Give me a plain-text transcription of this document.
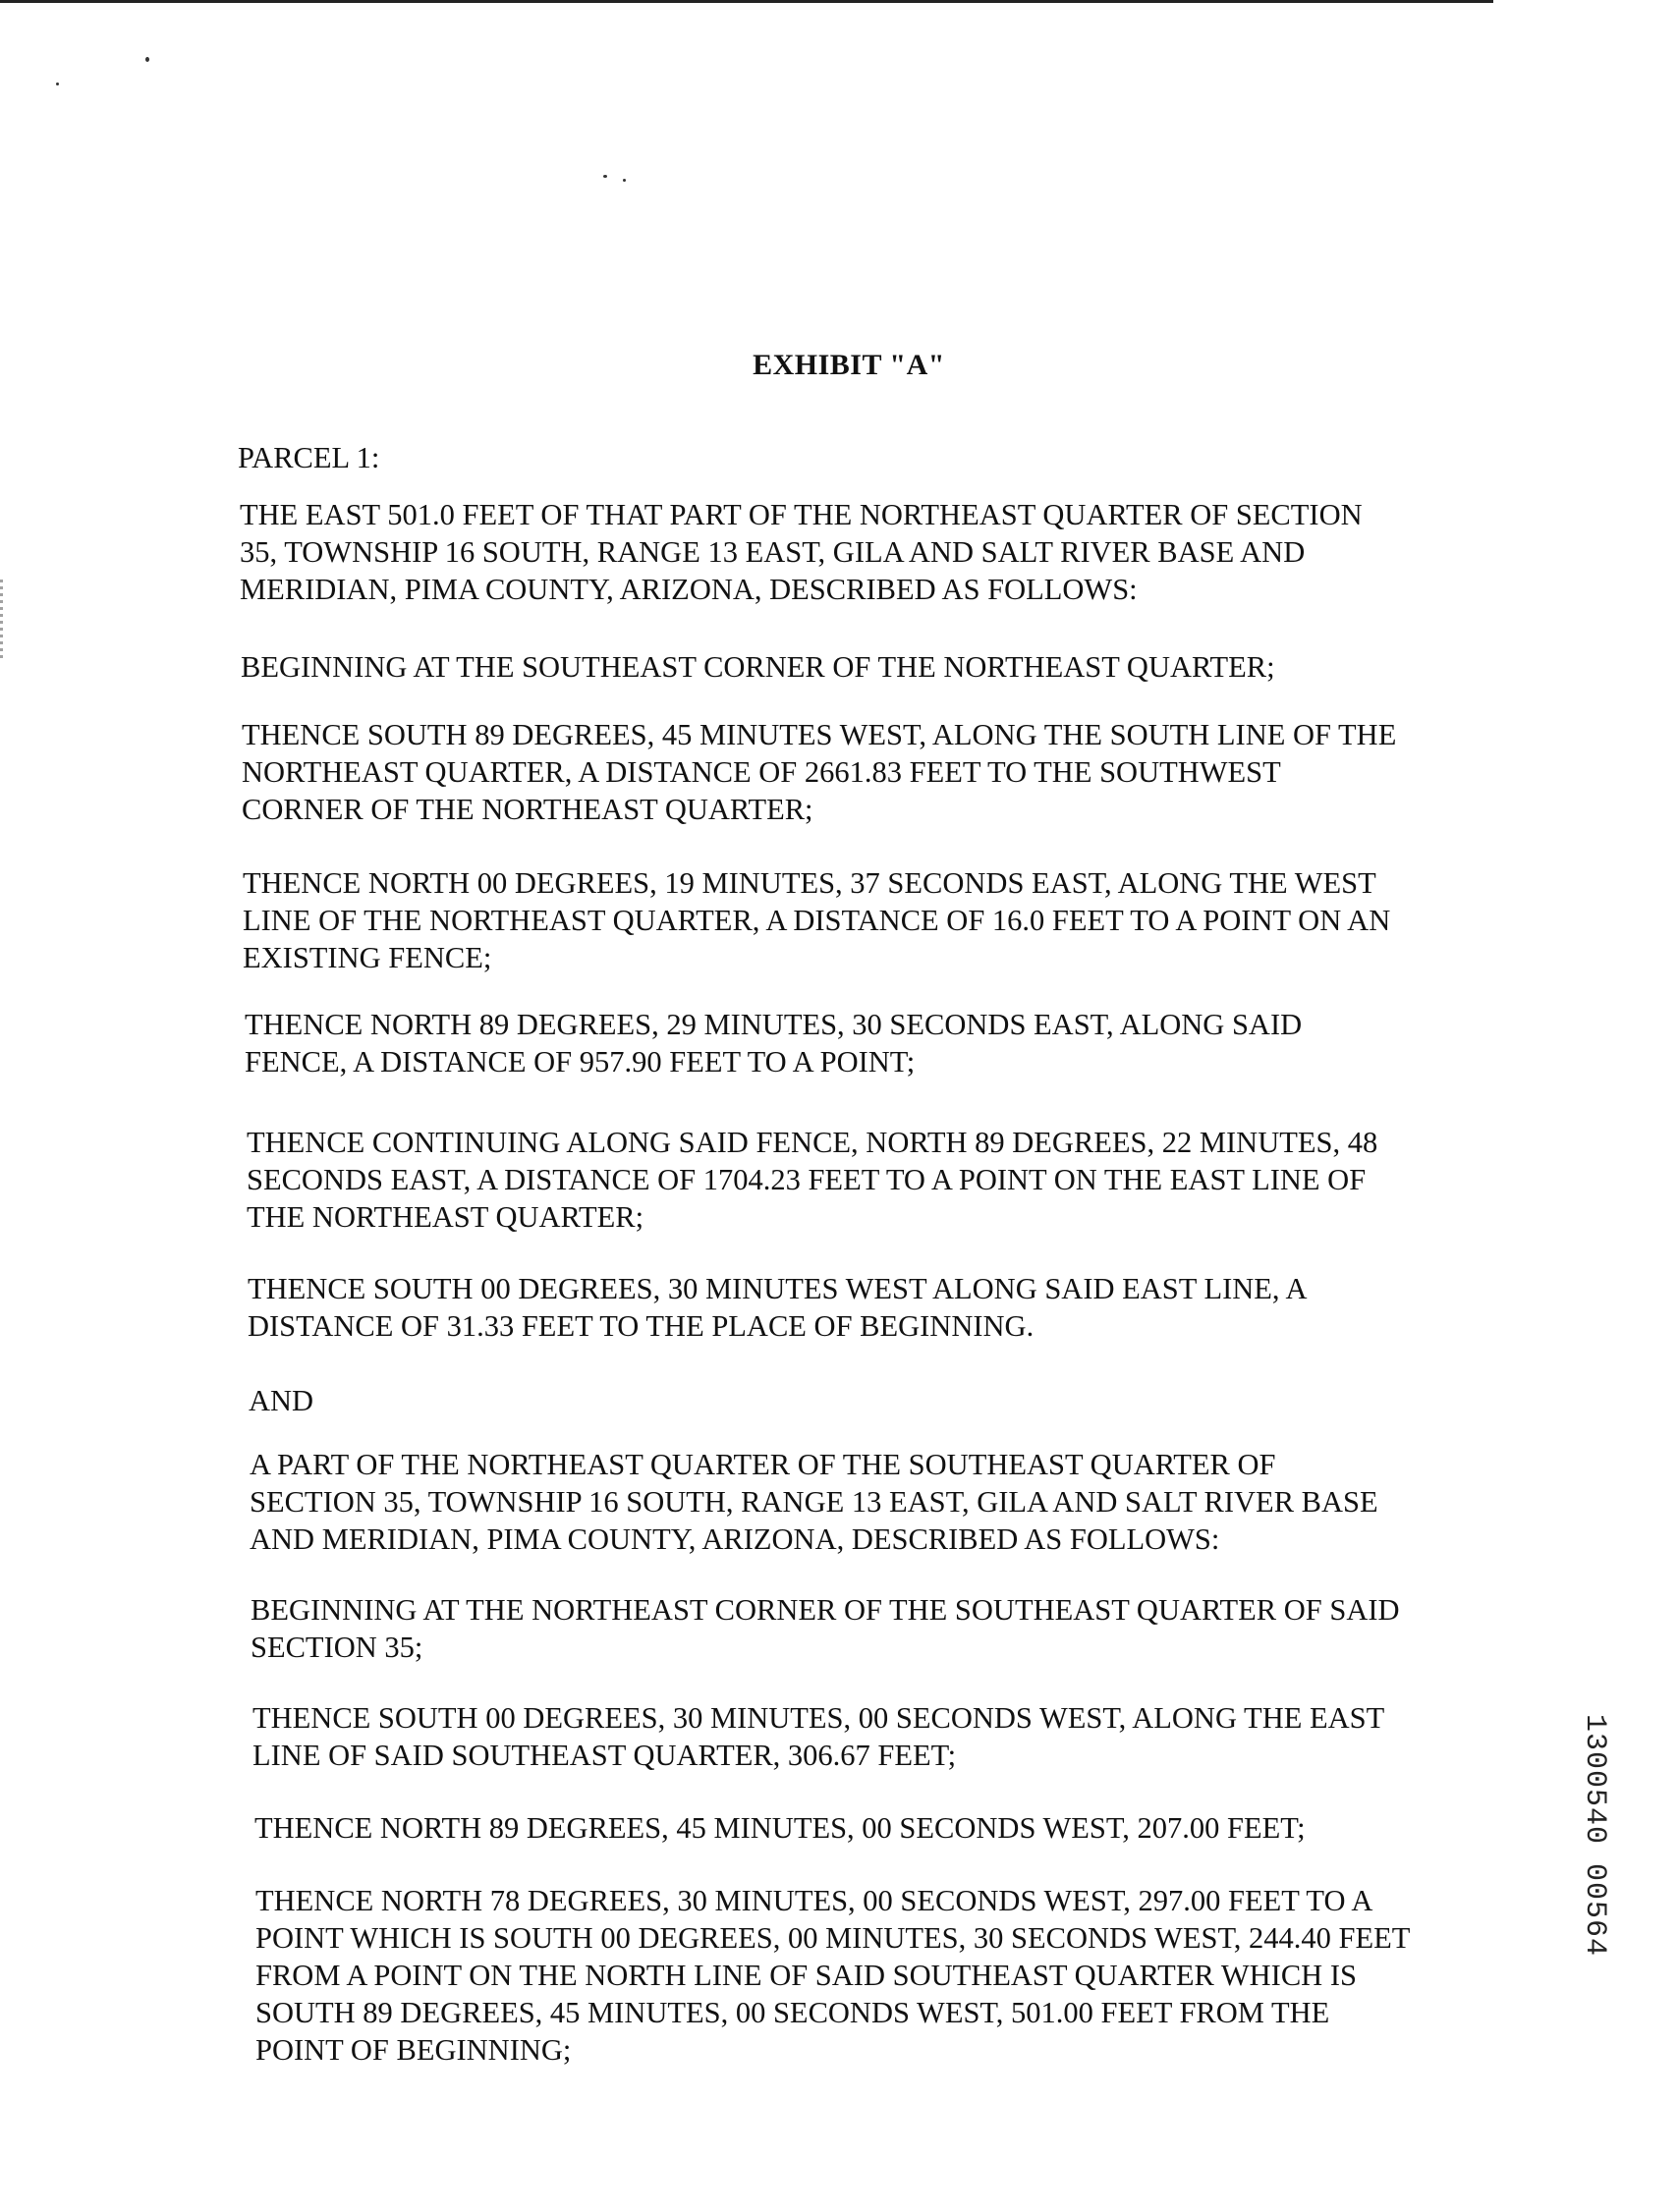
EXHIBIT "A"
PARCEL 1:
THE EAST 501.0 FEET OF THAT PART OF THE NORTHEAST QUARTER OF SECTION
35, TOWNSHIP 16 SOUTH, RANGE 13 EAST, GILA AND SALT RIVER BASE AND
MERIDIAN, PIMA COUNTY, ARIZONA, DESCRIBED AS FOLLOWS:
BEGINNING AT THE SOUTHEAST CORNER OF THE NORTHEAST QUARTER;
THENCE SOUTH 89 DEGREES, 45 MINUTES WEST, ALONG THE SOUTH LINE OF THE
NORTHEAST QUARTER, A DISTANCE OF 2661.83 FEET TO THE SOUTHWEST
CORNER OF THE NORTHEAST QUARTER;
THENCE NORTH 00 DEGREES, 19 MINUTES, 37 SECONDS EAST, ALONG THE WEST
LINE OF THE NORTHEAST QUARTER, A DISTANCE OF 16.0 FEET TO A POINT ON AN
EXISTING FENCE;
THENCE NORTH 89 DEGREES, 29 MINUTES, 30 SECONDS EAST, ALONG SAID
FENCE, A DISTANCE OF 957.90 FEET TO A POINT;
THENCE CONTINUING ALONG SAID FENCE, NORTH 89 DEGREES, 22 MINUTES, 48
SECONDS EAST, A DISTANCE OF 1704.23 FEET TO A POINT ON THE EAST LINE OF
THE NORTHEAST QUARTER;
THENCE SOUTH 00 DEGREES, 30 MINUTES WEST ALONG SAID EAST LINE, A
DISTANCE OF 31.33 FEET TO THE PLACE OF BEGINNING.
AND
A PART OF THE NORTHEAST QUARTER OF THE SOUTHEAST QUARTER OF
SECTION 35, TOWNSHIP 16 SOUTH, RANGE 13 EAST, GILA AND SALT RIVER BASE
AND MERIDIAN, PIMA COUNTY, ARIZONA, DESCRIBED AS FOLLOWS:
BEGINNING AT THE NORTHEAST CORNER OF THE SOUTHEAST QUARTER OF SAID
SECTION 35;
THENCE SOUTH 00 DEGREES, 30 MINUTES, 00 SECONDS WEST, ALONG THE EAST
LINE OF SAID SOUTHEAST QUARTER, 306.67 FEET;
THENCE NORTH 89 DEGREES, 45 MINUTES, 00 SECONDS WEST, 207.00 FEET;
THENCE NORTH 78 DEGREES, 30 MINUTES, 00 SECONDS WEST, 297.00 FEET TO A
POINT WHICH IS SOUTH 00 DEGREES, 00 MINUTES, 30 SECONDS WEST, 244.40 FEET
FROM A POINT ON THE NORTH LINE OF SAID SOUTHEAST QUARTER WHICH IS
SOUTH 89 DEGREES, 45 MINUTES, 00 SECONDS WEST, 501.00 FEET FROM THE
POINT OF BEGINNING;
1300540 00564
